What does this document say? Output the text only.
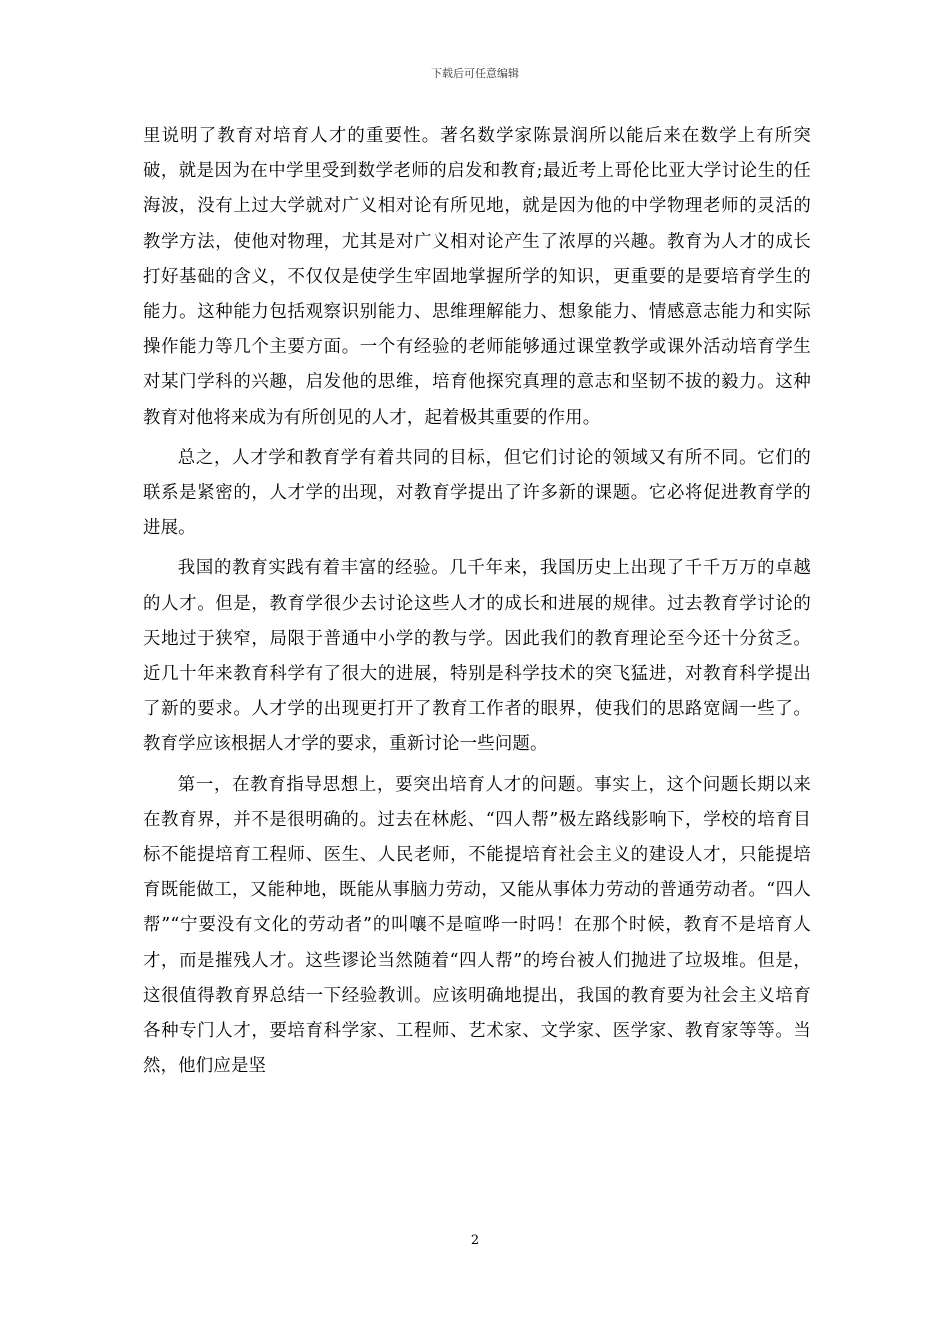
下载后可任意编辑

里说明了教育对培育人才的重要性。著名数学家陈景润所以能后来在数学上有所突破，就是因为在中学里受到数学老师的启发和教育;最近考上哥伦比亚大学讨论生的任海波，没有上过大学就对广义相对论有所见地，就是因为他的中学物理老师的灵活的教学方法，使他对物理，尤其是对广义相对论产生了浓厚的兴趣。教育为人才的成长打好基础的含义，不仅仅是使学生牢固地掌握所学的知识，更重要的是要培育学生的能力。这种能力包括观察识别能力、思维理解能力、想象能力、情感意志能力和实际操作能力等几个主要方面。一个有经验的老师能够通过课堂教学或课外活动培育学生对某门学科的兴趣，启发他的思维，培育他探究真理的意志和坚韧不拔的毅力。这种教育对他将来成为有所创见的人才，起着极其重要的作用。

总之，人才学和教育学有着共同的目标，但它们讨论的领域又有所不同。它们的联系是紧密的，人才学的出现，对教育学提出了许多新的课题。它必将促进教育学的进展。

我国的教育实践有着丰富的经验。几千年来，我国历史上出现了千千万万的卓越的人才。但是，教育学很少去讨论这些人才的成长和进展的规律。过去教育学讨论的天地过于狭窄，局限于普通中小学的教与学。因此我们的教育理论至今还十分贫乏。近几十年来教育科学有了很大的进展，特别是科学技术的突飞猛进，对教育科学提出了新的要求。人才学的出现更打开了教育工作者的眼界，使我们的思路宽阔一些了。教育学应该根据人才学的要求，重新讨论一些问题。

第一，在教育指导思想上，要突出培育人才的问题。事实上，这个问题长期以来在教育界，并不是很明确的。过去在林彪、“四人帮”极左路线影响下，学校的培育目标不能提培育工程师、医生、人民老师，不能提培育社会主义的建设人才，只能提培育既能做工，又能种地，既能从事脑力劳动，又能从事体力劳动的普通劳动者。“四人帮”“宁要没有文化的劳动者”的叫嚷不是喧哗一时吗！在那个时候，教育不是培育人才，而是摧残人才。这些谬论当然随着“四人帮”的垮台被人们抛进了垃圾堆。但是，这很值得教育界总结一下经验教训。应该明确地提出，我国的教育要为社会主义培育各种专门人才，要培育科学家、工程师、艺术家、文学家、医学家、教育家等等。当然，他们应是坚

2
